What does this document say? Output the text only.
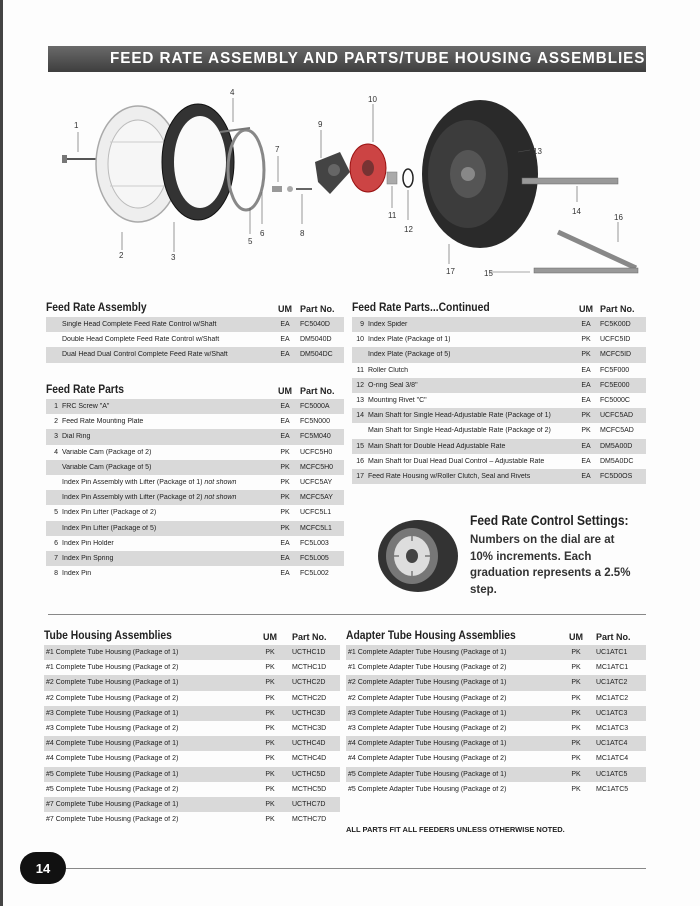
FEED RATE ASSEMBLY AND PARTS/TUBE HOUSING ASSEMBLIES
1
2	3
4
5
6
7
8
9
10
11
12
13
14
15
16
17
Feed Rate Assembly	UM Part No.
Single Head Complete Feed Rate Control w/Shaft	EA	FC5040D
Double Head Complete Feed Rate Control w/Shaft	EA	DM5040D
Dual Head Dual Control Complete Feed Rate w/Shaft	EA	DM504DC
Feed Rate Parts	UM Part No.
1 FRC Screw "A"	EA	FC5000A
2 Feed Rate Mounting Plate	EA	FC5N000
3 Dial Ring	EA	FC5M040
4 Variable Cam (Package of 2)	PK	UCFC5H0
Variable Cam (Package of 5)	PK	MCFC5H0
Index Pin Assembly with Lifter (Package of 1) not shown	PK	UCFC5AY
Index Pin Assembly with Lifter (Package of 2) not shown	PK	MCFC5AY
5 Index Pin Lifter (Package of 2)	PK	UCFC5L1
Index Pin Lifter (Package of 5)	PK	MCFC5L1
6 Index Pin Holder	EA	FC5L003
7 Index Pin Spring	EA	FC5L005
8 Index Pin	EA	FC5L002
Feed Rate Parts...Continued	UM Part No.
9 Index Spider	EA	FC5K00D
10 Index Plate (Package of 1)	PK	UCFC5ID
Index Plate (Package of 5)	PK	MCFC5ID
11 Roller Clutch	EA	FC5F000
12 O-ring Seal 3/8"	EA	FC5E000
13 Mounting Rivet "C"	EA	FC5000C
14 Main Shaft for Single Head-Adjustable Rate (Package of 1)	PK	UCFC5AD
Main Shaft for Single Head-Adjustable Rate (Package of 2)	PK	MCFC5AD
15 Main Shaft for Double Head Adjustable Rate	EA	DM5A00D
16 Main Shaft for Dual Head Dual Control – Adjustable Rate	EA	DM5A0DC
17 Feed Rate Housing w/Roller Clutch, Seal and Rivets	EA	FC5D0OS
Feed Rate Control Settings:
Numbers on the dial are at 10% increments. Each graduation represents a 2.5% step.
Tube Housing Assemblies	UM	Part No.
#1 Complete Tube Housing (Package of 1)	PK	UCTHC1D
#1 Complete Tube Housing (Package of 2)	PK	MCTHC1D
#2 Complete Tube Housing (Package of 1)	PK	UCTHC2D
#2 Complete Tube Housing (Package of 2)	PK	MCTHC2D
#3 Complete Tube Housing (Package of 1)	PK	UCTHC3D
#3 Complete Tube Housing (Package of 2)	PK	MCTHC3D
#4 Complete Tube Housing (Package of 1)	PK	UCTHC4D
#4 Complete Tube Housing (Package of 2)	PK	MCTHC4D
#5 Complete Tube Housing (Package of 1)	PK	UCTHC5D
#5 Complete Tube Housing (Package of 2)	PK	MCTHC5D
#7 Complete Tube Housing (Package of 1)	PK	UCTHC7D
#7 Complete Tube Housing (Package of 2)	PK	MCTHC7D
Adapter Tube Housing Assemblies	UM	Part No.
#1 Complete Adapter Tube Housing (Package of 1)	PK	UC1ATC1
#1 Complete Adapter Tube Housing (Package of 2)	PK	MC1ATC1
#2 Complete Adapter Tube Housing (Package of 1)	PK	UC1ATC2
#2 Complete Adapter Tube Housing (Package of 2)	PK	MC1ATC2
#3 Complete Adapter Tube Housing (Package of 1)	PK	UC1ATC3
#3 Complete Adapter Tube Housing (Package of 2)	PK	MC1ATC3
#4 Complete Adapter Tube Housing (Package of 1)	PK	UC1ATC4
#4 Complete Adapter Tube Housing (Package of 2)	PK	MC1ATC4
#5 Complete Adapter Tube Housing (Package of 1)	PK	UC1ATC5
#5 Complete Adapter Tube Housing (Package of 2)	PK	MC1ATC5
ALL PARTS FIT ALL FEEDERS UNLESS OTHERWISE NOTED.
14
